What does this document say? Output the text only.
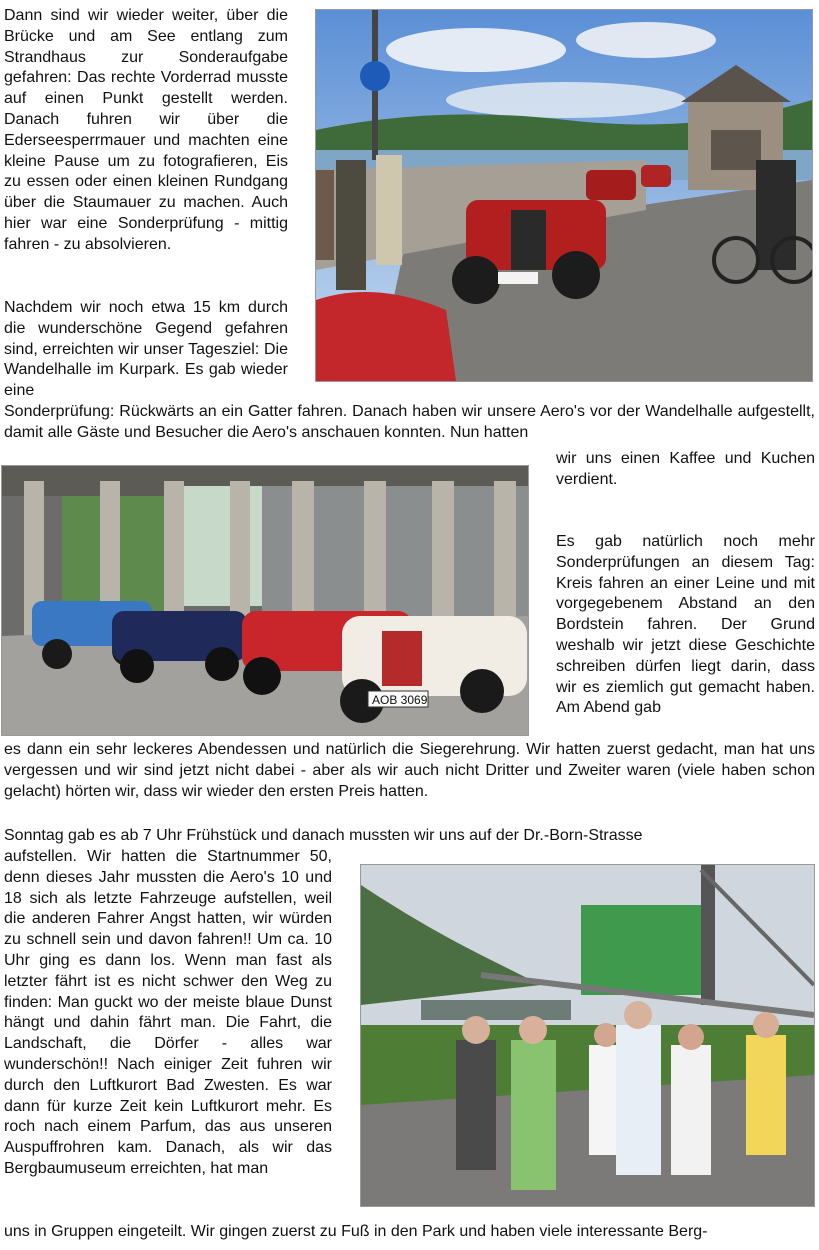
Dann sind wir wieder weiter, über die Brücke und am See entlang zum Strandhaus zur Sonderaufgabe gefahren: Das rechte Vorderrad musste auf einen Punkt gestellt werden. Danach fuhren wir über die Ederseesperrmauer und machten eine kleine Pause um zu fotografieren, Eis zu essen oder einen kleinen Rundgang über die Staumauer zu machen. Auch hier war eine Sonderprüfung - mittig fahren - zu absolvieren.

Nachdem wir noch etwa 15 km durch die wunderschöne Gegend gefahren sind, erreichten wir unser Tagesziel: Die Wandelhalle im Kurpark. Es gab wieder eine

Sonderprüfung: Rückwärts an ein Gatter fahren. Danach haben wir unsere Aero's vor der Wandelhalle aufgestellt, damit alle Gäste und Besucher die Aero's anschauen konnten. Nun hatten

wir uns einen Kaffee und Kuchen verdient.

AOB 3069

Es gab natürlich noch mehr Sonderprüfungen an diesem Tag: Kreis fahren an einer Leine und mit vorgegebenem Abstand an den Bordstein fahren. Der Grund weshalb wir jetzt diese Geschichte schreiben dürfen liegt darin, dass wir es ziemlich gut gemacht haben. Am Abend gab

es dann ein sehr leckeres Abendessen und natürlich die Siegerehrung. Wir hatten zuerst gedacht, man hat uns vergessen und wir sind jetzt nicht dabei - aber als wir auch nicht Dritter und Zweiter waren (viele haben schon gelacht) hörten wir, dass wir wieder den ersten Preis hatten.

Sonntag gab es ab 7 Uhr Frühstück und danach mussten wir uns auf der Dr.-Born-Strasse

aufstellen. Wir hatten die Startnummer 50, denn dieses Jahr mussten die Aero's 10 und 18 sich als letzte Fahrzeuge aufstellen, weil die anderen Fahrer Angst hatten, wir würden zu schnell sein und davon fahren!! Um ca. 10 Uhr ging es dann los. Wenn man fast als letzter fährt ist es nicht schwer den Weg zu finden: Man guckt wo der meiste blaue Dunst hängt und dahin fährt man. Die Fahrt, die Landschaft, die Dörfer - alles war wunderschön!! Nach einiger Zeit fuhren wir durch den Luftkurort Bad Zwesten. Es war dann für kurze Zeit kein Luftkurort mehr. Es roch nach einem Parfum, das aus unseren Auspuffrohren kam. Danach, als wir das Bergbaumuseum erreichten, hat man

uns in Gruppen eingeteilt. Wir gingen zuerst zu Fuß in den Park und haben viele interessante Berg-
